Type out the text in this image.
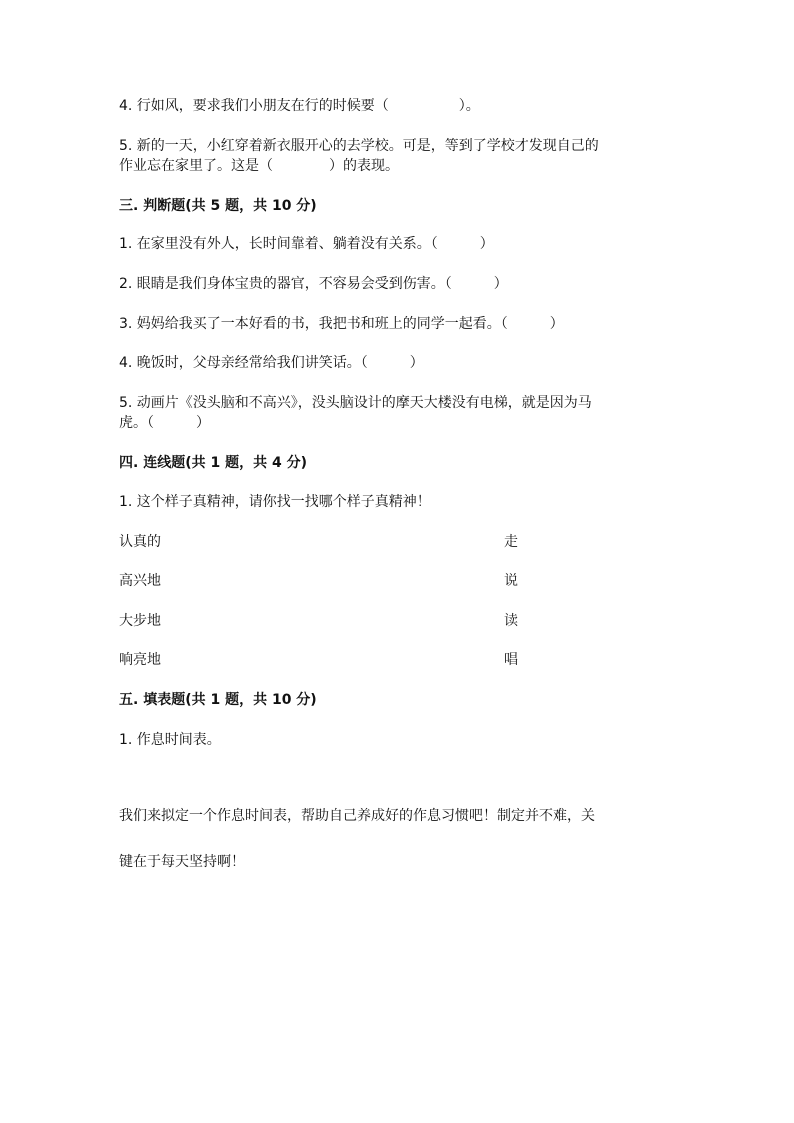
4. 行如风，要求我们小朋友在行的时候要（　　　　　）。
5. 新的一天，小红穿着新衣服开心的去学校。可是，等到了学校才发现自己的
作业忘在家里了。这是（　　　　）的表现。
三. 判断题(共 5 题，共 10 分)
1. 在家里没有外人，长时间靠着、躺着没有关系。（　　　）
2. 眼睛是我们身体宝贵的器官，不容易会受到伤害。（　　　）
3. 妈妈给我买了一本好看的书，我把书和班上的同学一起看。（　　　）
4. 晚饭时，父母亲经常给我们讲笑话。（　　　）
5. 动画片《没头脑和不高兴》，没头脑设计的摩天大楼没有电梯，就是因为马
虎。（　　　）
四. 连线题(共 1 题，共 4 分)
1. 这个样子真精神，请你找一找哪个样子真精神！
认真的	走
高兴地	说
大步地	读
响亮地	唱
五. 填表题(共 1 题，共 10 分)
1. 作息时间表。
我们来拟定一个作息时间表，帮助自己养成好的作息习惯吧！制定并不难，关
键在于每天坚持啊！
